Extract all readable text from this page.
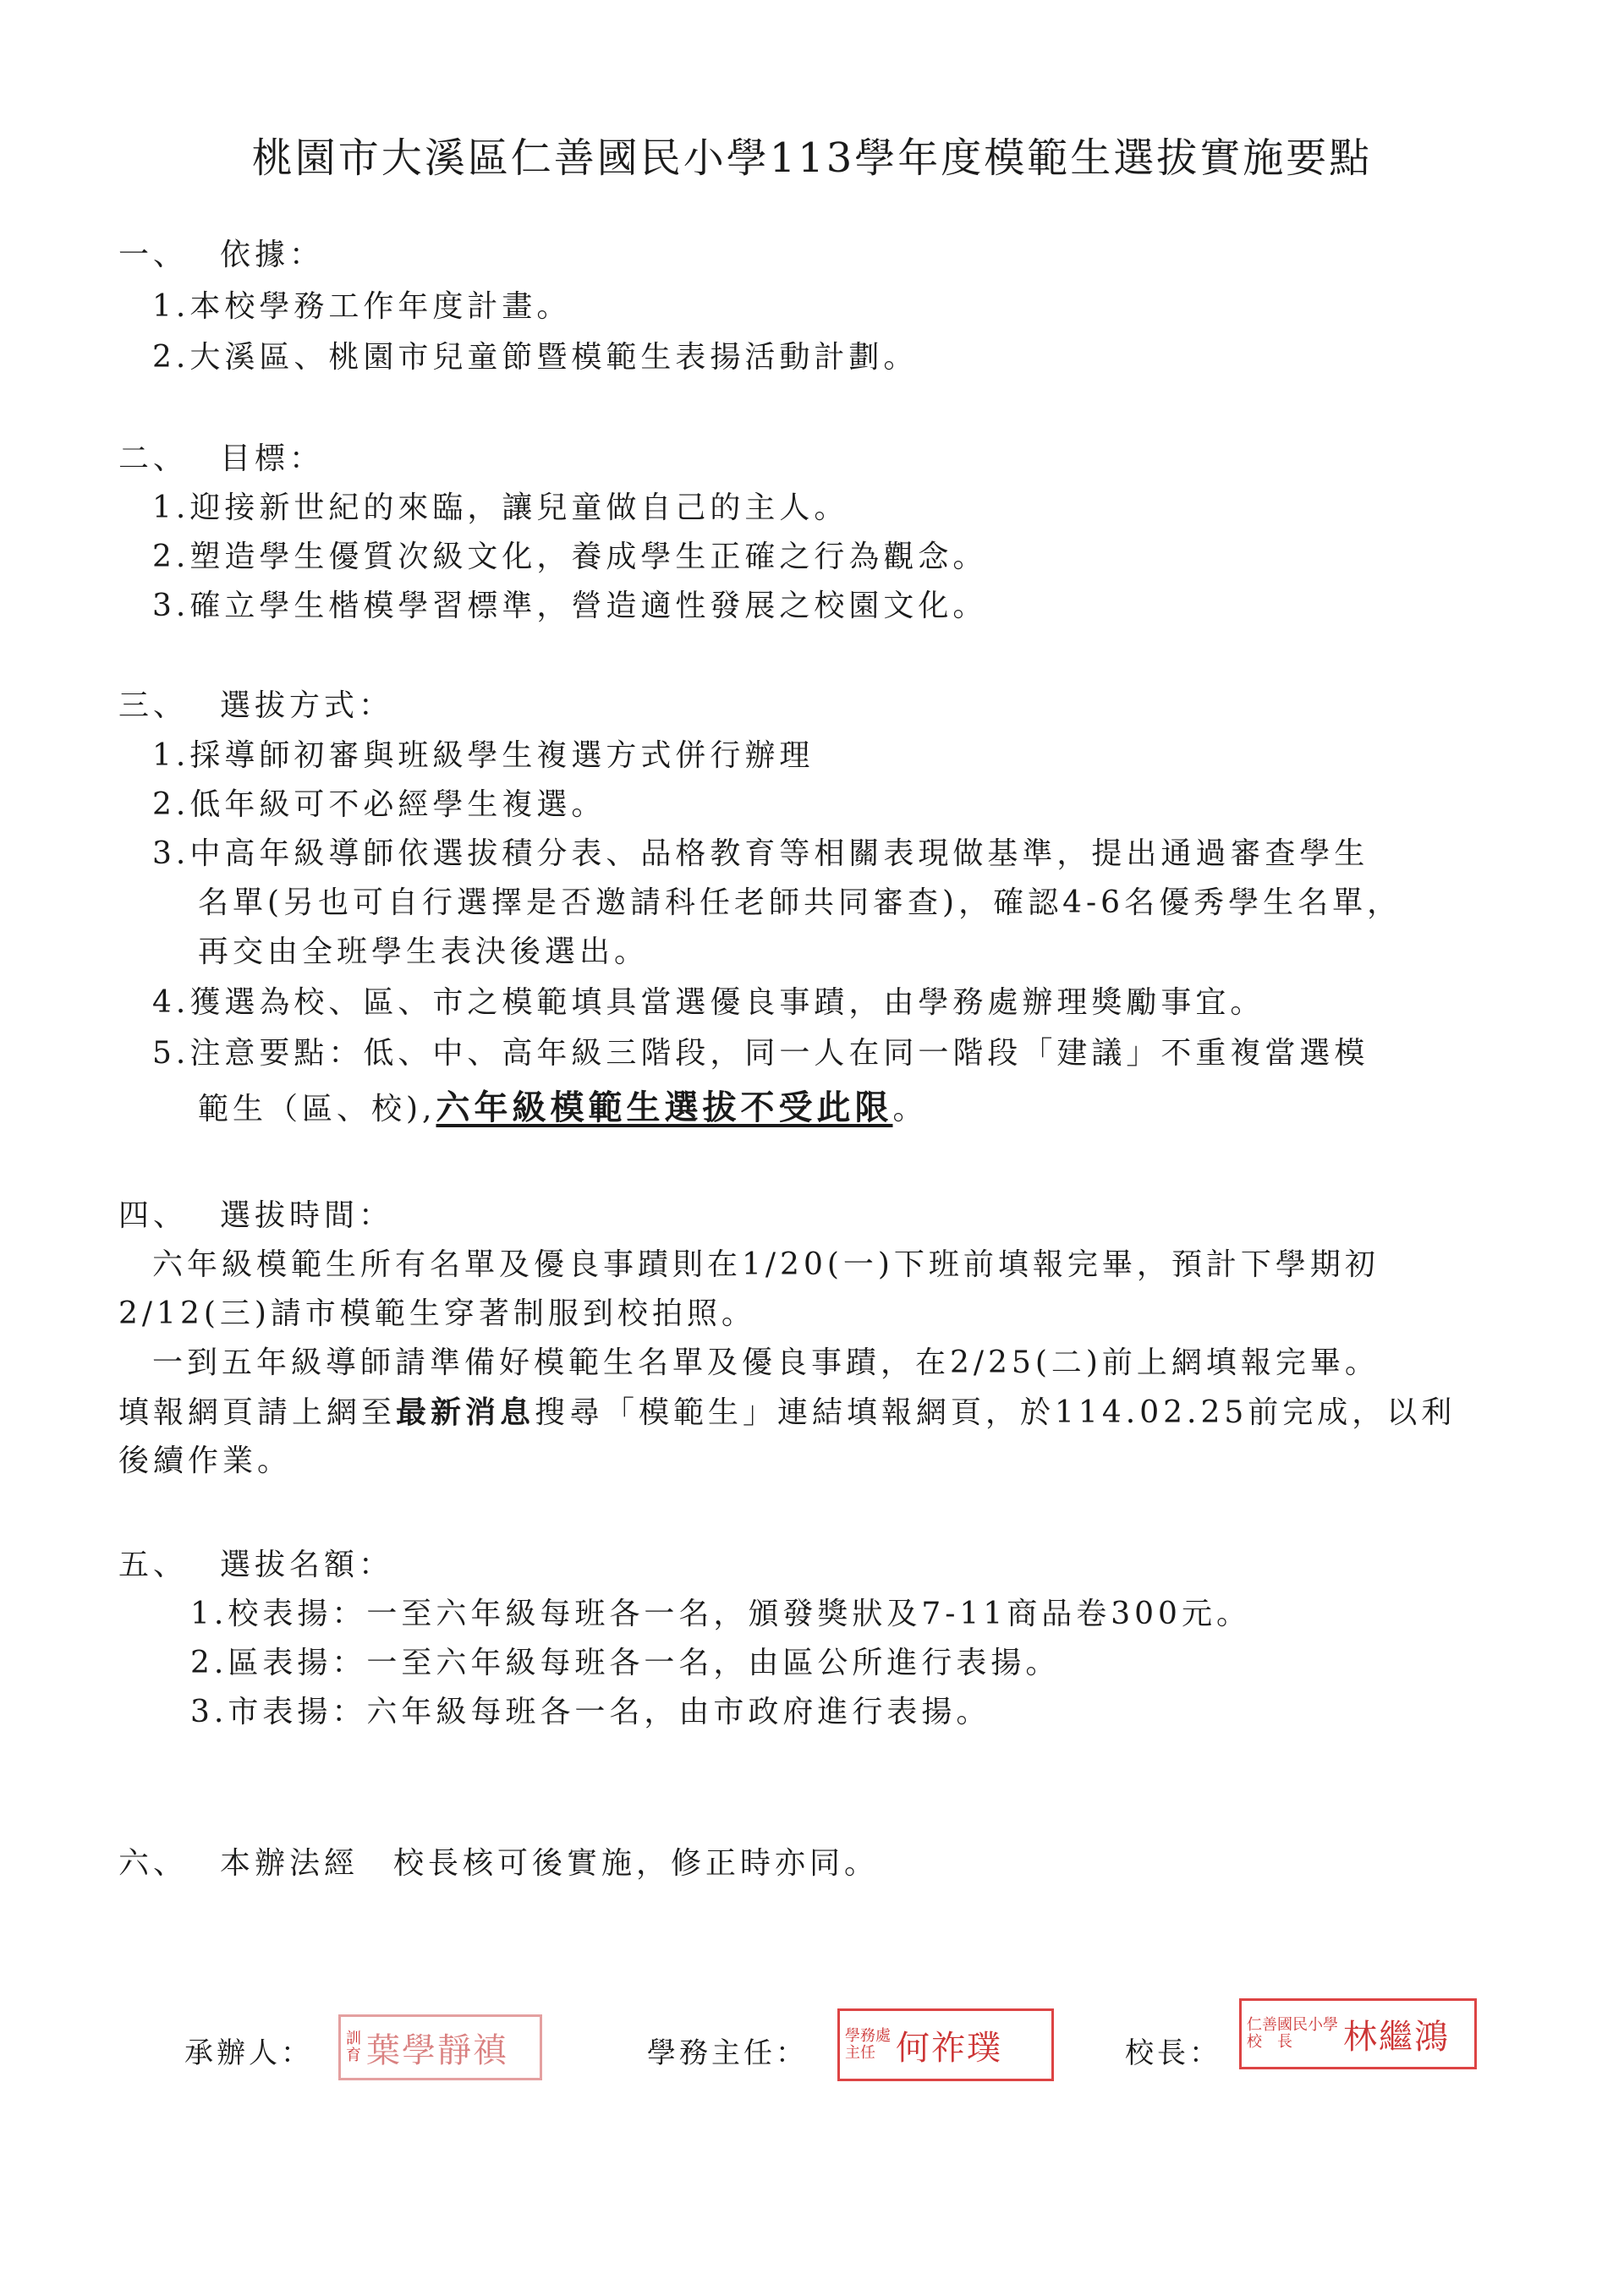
桃園市大溪區仁善國民小學113學年度模範生選拔實施要點
一、 依據：
1.本校學務工作年度計畫。
2.大溪區、桃園市兒童節暨模範生表揚活動計劃。
二、 目標：
1.迎接新世紀的來臨，讓兒童做自己的主人。
2.塑造學生優質次級文化，養成學生正確之行為觀念。
3.確立學生楷模學習標準，營造適性發展之校園文化。
三、 選拔方式：
1.採導師初審與班級學生複選方式併行辦理
2.低年級可不必經學生複選。
3.中高年級導師依選拔積分表、品格教育等相關表現做基準，提出通過審查學生
名單(另也可自行選擇是否邀請科任老師共同審查)，確認4-6名優秀學生名單，
再交由全班學生表決後選出。
4.獲選為校、區、市之模範填具當選優良事蹟，由學務處辦理獎勵事宜。
5.注意要點：低、中、高年級三階段，同一人在同一階段「建議」不重複當選模
範生（區、校),六年級模範生選拔不受此限。
四、 選拔時間：
六年級模範生所有名單及優良事蹟則在1/20(一)下班前填報完畢，預計下學期初
2/12(三)請市模範生穿著制服到校拍照。
一到五年級導師請準備好模範生名單及優良事蹟，在2/25(二)前上網填報完畢。
填報網頁請上網至最新消息搜尋「模範生」連結填報網頁，於114.02.25前完成，以利
後續作業。
五、 選拔名額：
1.校表揚：一至六年級每班各一名，頒發獎狀及7-11商品卷300元。
2.區表揚：一至六年級每班各一名，由區公所進行表揚。
3.市表揚：六年級每班各一名，由市政府進行表揚。
六、 本辦法經　校長核可後實施，修正時亦同。
承辦人： 訓
育 葉學靜禛	學務主任：
學務處
主任 何祚璞	校長：
仁善國民小學
校　長	林繼鴻
